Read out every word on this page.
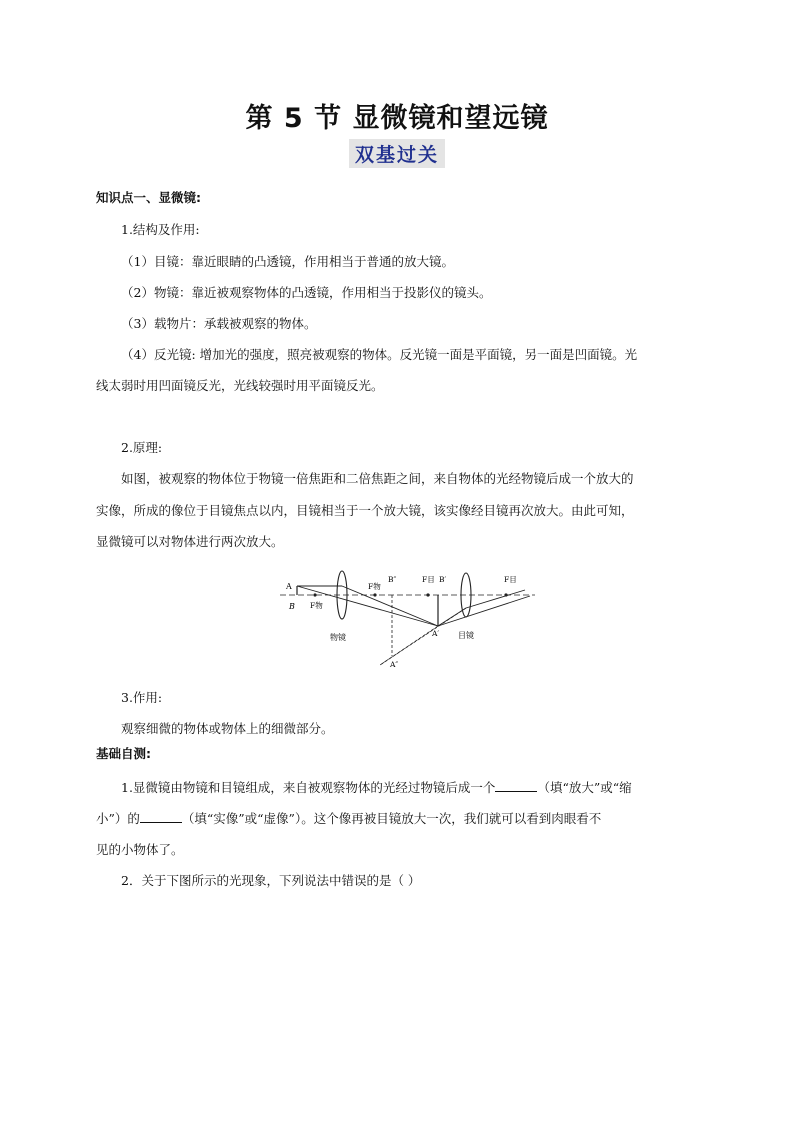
第 5 节 显微镜和望远镜
双基过关
知识点一、显微镜:
1.结构及作用:
（1）目镜：靠近眼睛的凸透镜，作用相当于普通的放大镜。
（2）物镜：靠近被观察物体的凸透镜，作用相当于投影仪的镜头。
（3）载物片：承载被观察的物体。
（4）反光镜: 增加光的强度，照亮被观察的物体。反光镜一面是平面镜，另一面是凹面镜。光
线太弱时用凹面镜反光，光线较强时用平面镜反光。
2.原理:
如图，被观察的物体位于物镜一倍焦距和二倍焦距之间，来自物体的光经物镜后成一个放大的
实像，所成的像位于目镜焦点以内，目镜相当于一个放大镜，该实像经目镜再次放大。由此可知，
显微镜可以对物体进行两次放大。
A
B F物
F物
B″	F目 B′	F目
A′
A″
物镜	目镜
3.作用:
观察细微的物体或物体上的细微部分。
基础自测:
1.显微镜由物镜和目镜组成，来自被观察物体的光经过物镜后成一个	（填“放大”或“缩
小”）的	（填“实像”或“虚像”）。这个像再被目镜放大一次，我们就可以看到肉眼看不
见的小物体了。
2．关于下图所示的光现象，下列说法中错误的是（ ）
